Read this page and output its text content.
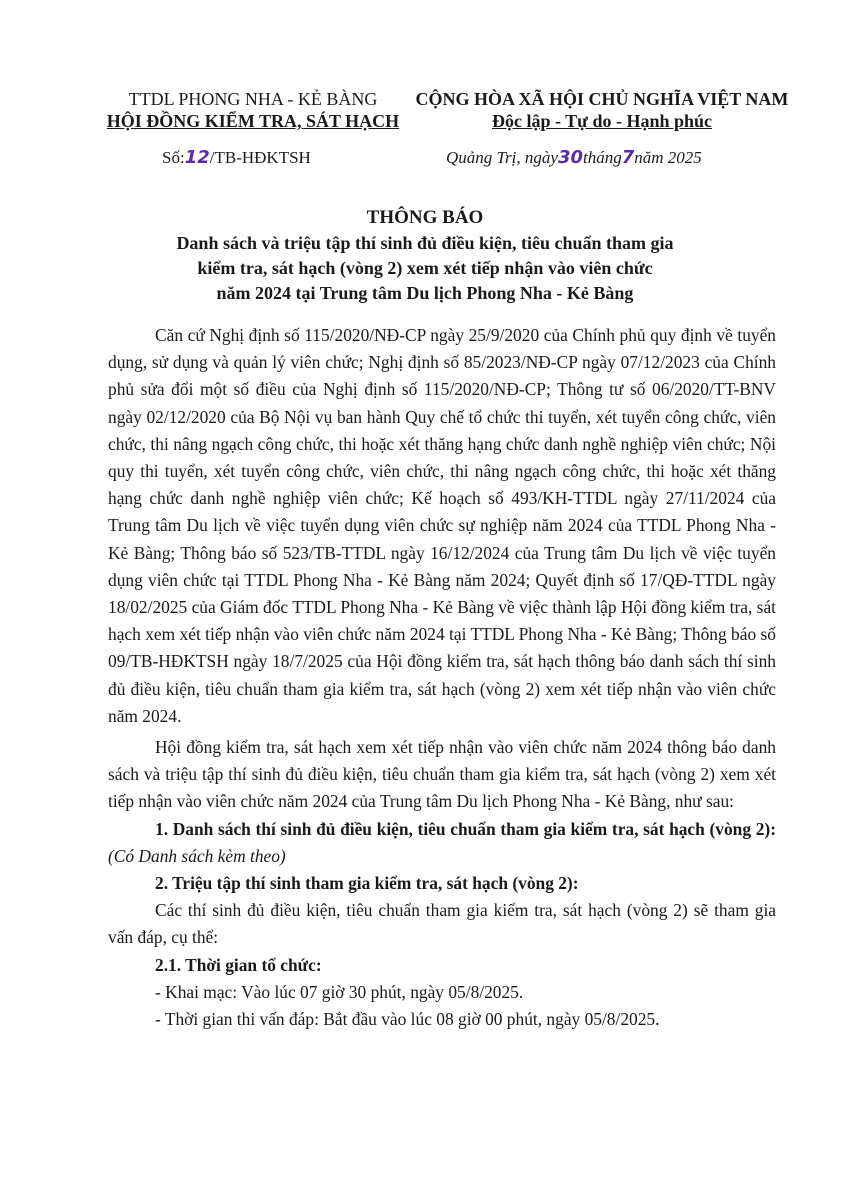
TTDL PHONG NHA - KẺ BÀNG
HỘI ĐỒNG KIỂM TRA, SÁT HẠCH
CỘNG HÒA XÃ HỘI CHỦ NGHĨA VIỆT NAM
Độc lập - Tự do - Hạnh phúc
Số:12/TB-HĐKTSH	Quảng Trị, ngày30tháng7năm 2025
THÔNG BÁO
Danh sách và triệu tập thí sinh đủ điều kiện, tiêu chuẩn tham gia
kiểm tra, sát hạch (vòng 2) xem xét tiếp nhận vào viên chức
năm 2024 tại Trung tâm Du lịch Phong Nha - Kẻ Bàng

Căn cứ Nghị định số 115/2020/NĐ-CP ngày 25/9/2020 của Chính phủ quy định về tuyển dụng, sử dụng và quản lý viên chức; Nghị định số 85/2023/NĐ-CP ngày 07/12/2023 của Chính phủ sửa đổi một số điều của Nghị định số 115/2020/NĐ-CP; Thông tư số 06/2020/TT-BNV ngày 02/12/2020 của Bộ Nội vụ ban hành Quy chế tổ chức thi tuyển, xét tuyển công chức, viên chức, thi nâng ngạch công chức, thi hoặc xét thăng hạng chức danh nghề nghiệp viên chức; Nội quy thi tuyển, xét tuyển công chức, viên chức, thi nâng ngạch công chức, thi hoặc xét thăng hạng chức danh nghề nghiệp viên chức; Kế hoạch số 493/KH-TTDL ngày 27/11/2024 của Trung tâm Du lịch về việc tuyển dụng viên chức sự nghiệp năm 2024 của TTDL Phong Nha - Kẻ Bàng; Thông báo số 523/TB-TTDL ngày 16/12/2024 của Trung tâm Du lịch về việc tuyển dụng viên chức tại TTDL Phong Nha - Kẻ Bàng năm 2024; Quyết định số 17/QĐ-TTDL ngày 18/02/2025 của Giám đốc TTDL Phong Nha - Kẻ Bàng về việc thành lập Hội đồng kiểm tra, sát hạch xem xét tiếp nhận vào viên chức năm 2024 tại TTDL Phong Nha - Kẻ Bàng; Thông báo số 09/TB-HĐKTSH ngày 18/7/2025 của Hội đồng kiểm tra, sát hạch thông báo danh sách thí sinh đủ điều kiện, tiêu chuẩn tham gia kiểm tra, sát hạch (vòng 2) xem xét tiếp nhận vào viên chức năm 2024.

Hội đồng kiểm tra, sát hạch xem xét tiếp nhận vào viên chức năm 2024 thông báo danh sách và triệu tập thí sinh đủ điều kiện, tiêu chuẩn tham gia kiểm tra, sát hạch (vòng 2) xem xét tiếp nhận vào viên chức năm 2024 của Trung tâm Du lịch Phong Nha - Kẻ Bàng, như sau:

1. Danh sách thí sinh đủ điều kiện, tiêu chuẩn tham gia kiểm tra, sát hạch (vòng 2): (Có Danh sách kèm theo)

2. Triệu tập thí sinh tham gia kiểm tra, sát hạch (vòng 2):

Các thí sinh đủ điều kiện, tiêu chuẩn tham gia kiểm tra, sát hạch (vòng 2) sẽ tham gia vấn đáp, cụ thể:

2.1. Thời gian tổ chức:

- Khai mạc: Vào lúc 07 giờ 30 phút, ngày 05/8/2025.

- Thời gian thi vấn đáp: Bắt đầu vào lúc 08 giờ 00 phút, ngày 05/8/2025.
